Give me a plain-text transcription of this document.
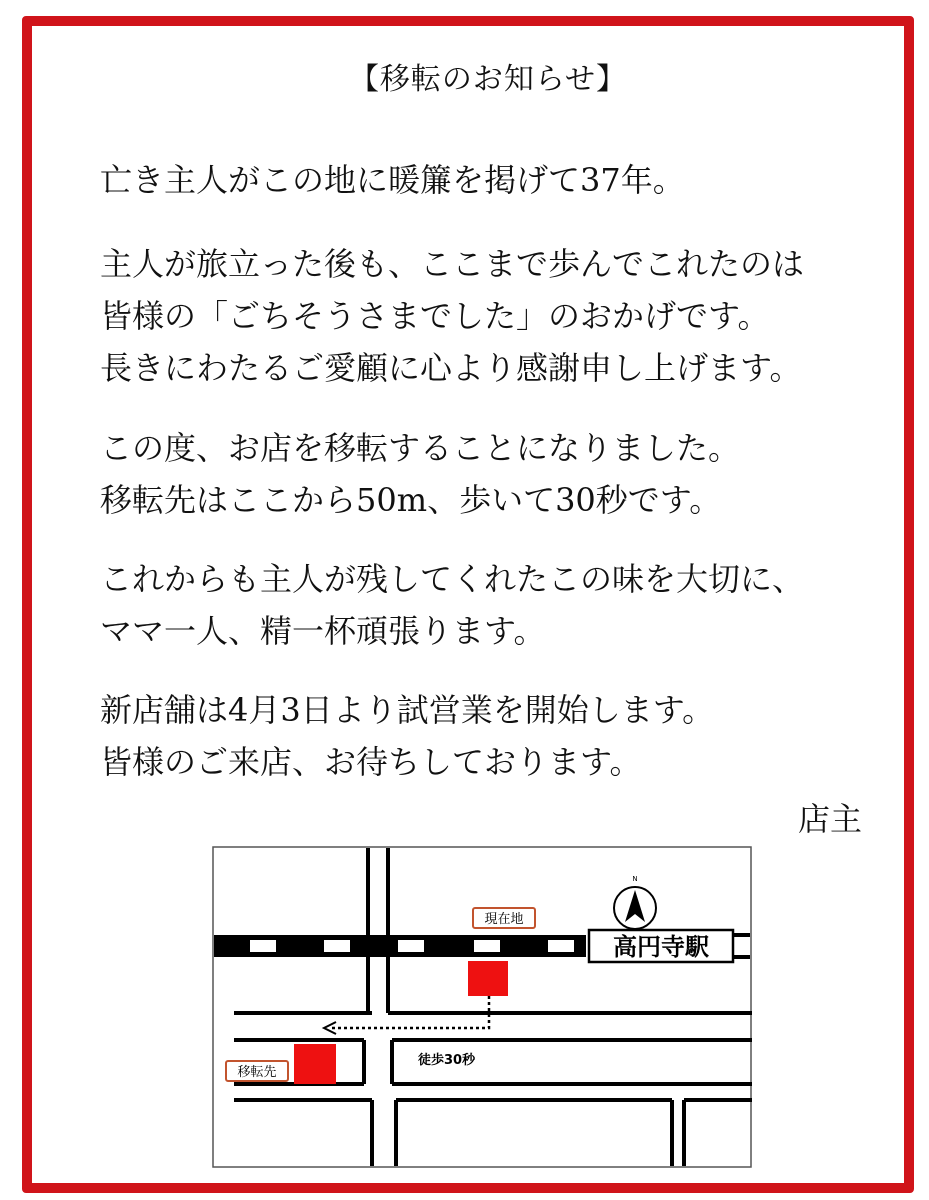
【移転のお知らせ】
亡き主人がこの地に暖簾を掲げて37年。
主人が旅立った後も、ここまで歩んでこれたのは
皆様の「ごちそうさまでした」のおかげです。
長きにわたるご愛顧に心より感謝申し上げます。
この度、お店を移転することになりました。
移転先はここから50m、歩いて30秒です。
これからも主人が残してくれたこの味を大切に、
ママ一人、精一杯頑張ります。
新店舗は4月3日より試営業を開始します。
皆様のご来店、お待ちしております。
店主
高円寺駅
N
現在地
移転先
徒歩30秒
